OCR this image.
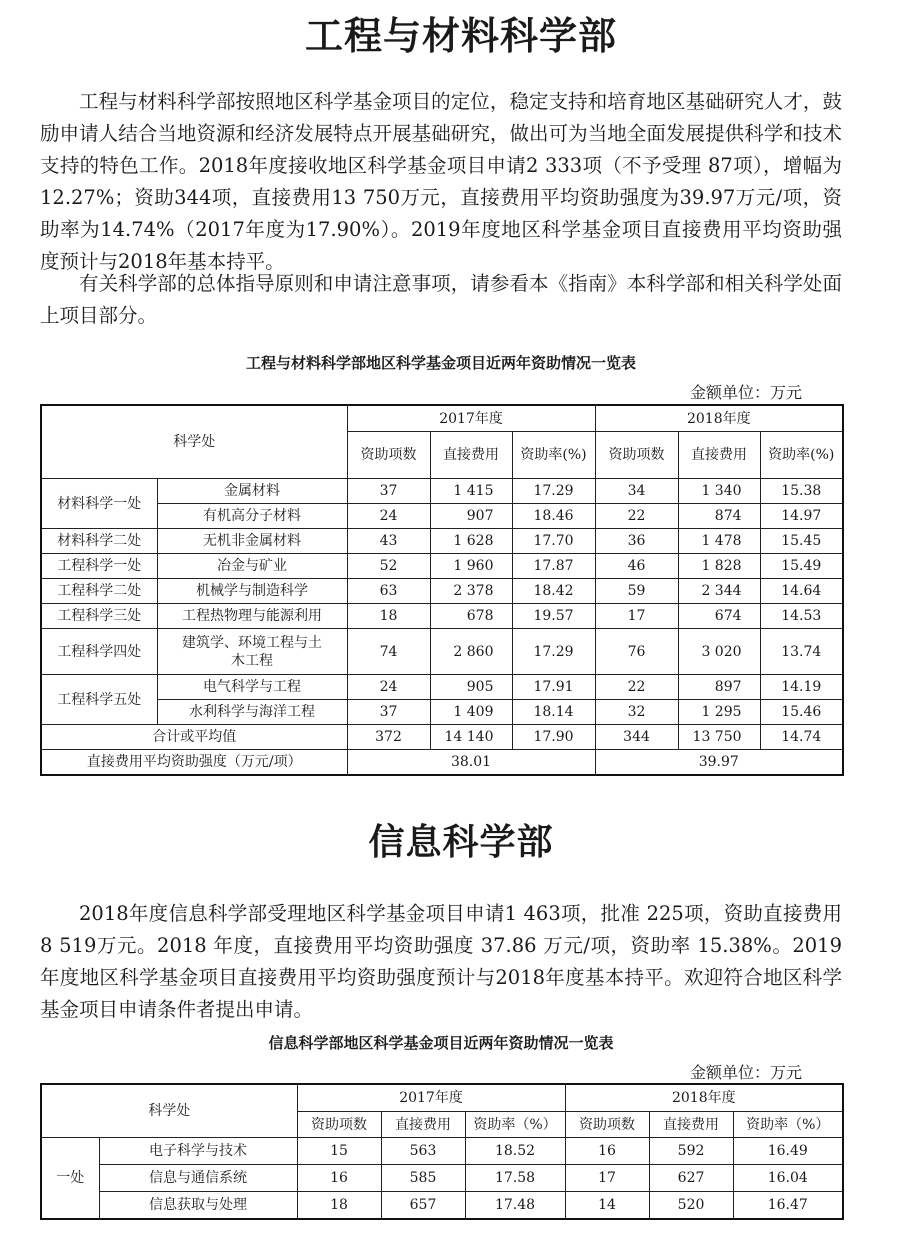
工程与材料科学部

工程与材料科学部按照地区科学基金项目的定位，稳定支持和培育地区基础研究人才，鼓励申请人结合当地资源和经济发展特点开展基础研究，做出可为当地全面发展提供科学和技术支持的特色工作。2018年度接收地区科学基金项目申请2 333项（不予受理 87项），增幅为12.27%；资助344项，直接费用13 750万元，直接费用平均资助强度为39.97万元/项，资助率为14.74%（2017年度为17.90%）。2019年度地区科学基金项目直接费用平均资助强度预计与2018年基本持平。

有关科学部的总体指导原则和申请注意事项，请参看本《指南》本科学部和相关科学处面上项目部分。

工程与材料科学部地区科学基金项目近两年资助情况一览表

金额单位：万元

科学处		2017年度			2018年度		
		资助项数	直接费用	资助率(%)	资助项数	直接费用	资助率(%)
材料科学一处	金属材料	37	1 415	17.29	34	1 340	15.38
	有机高分子材料	24	907	18.46	22	874	14.97
材料科学二处	无机非金属材料	43	1 628	17.70	36	1 478	15.45
工程科学一处	冶金与矿业	52	1 960	17.87	46	1 828	15.49
工程科学二处	机械学与制造科学	63	2 378	18.42	59	2 344	14.64
工程科学三处	工程热物理与能源利用	18	678	19.57	17	674	14.53
工程科学四处	建筑学、环境工程与土木工程	74	2 860	17.29	76	3 020	13.74
工程科学五处	电气科学与工程	24	905	17.91	22	897	14.19
	水利科学与海洋工程	37	1 409	18.14	32	1 295	15.46
合计或平均值		372	14 140	17.90	344	13 750	14.74
直接费用平均资助强度（万元/项）		38.01			39.97		
信息科学部

2018年度信息科学部受理地区科学基金项目申请1 463项，批准 225项，资助直接费用 8 519万元。2018 年度，直接费用平均资助强度 37.86 万元/项，资助率 15.38%。2019年度地区科学基金项目直接费用平均资助强度预计与2018年度基本持平。欢迎符合地区科学基金项目申请条件者提出申请。

信息科学部地区科学基金项目近两年资助情况一览表

金额单位：万元

科学处		2017年度			2018年度		
		资助项数	直接费用	资助率（%）	资助项数	直接费用	资助率（%）
一处	电子科学与技术	15	563	18.52	16	592	16.49
	信息与通信系统	16	585	17.58	17	627	16.04
	信息获取与处理	18	657	17.48	14	520	16.47
